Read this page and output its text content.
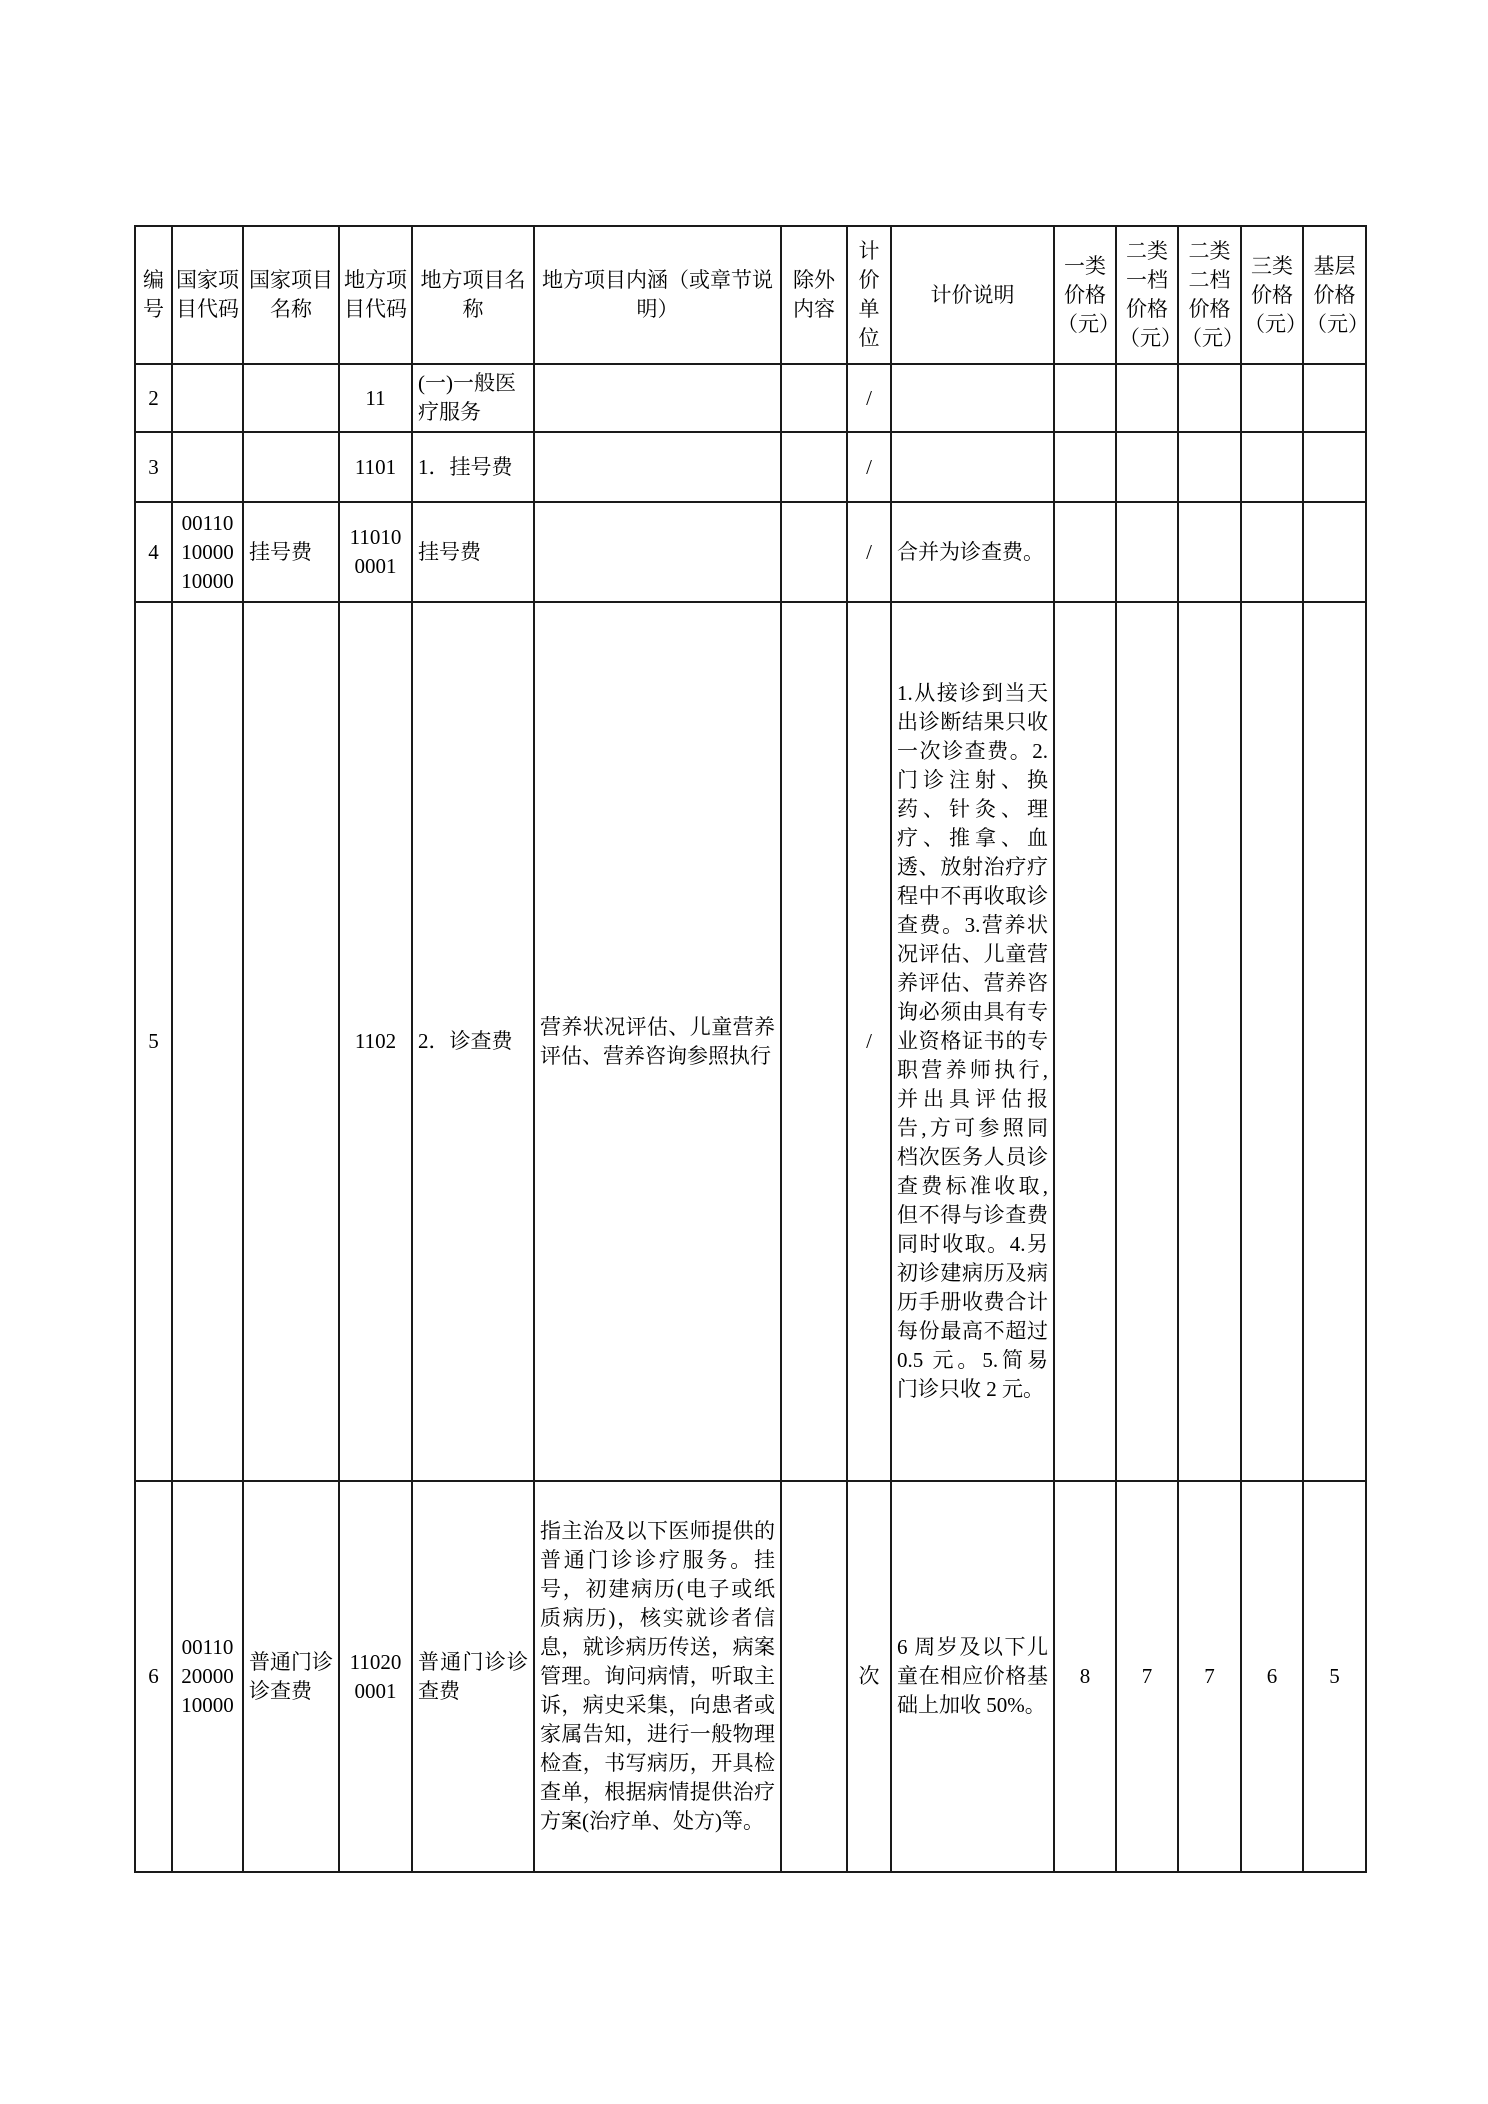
编号	国家项目代码	国家项目名称	地方项目代码	地方项目名称	地方项目内涵（或章节说明）	除外内容	计价单位	计价说明	一类价格（元）	二类一档价格（元）	二类二档价格（元）	三类价格（元）	基层价格（元）
2			11	(一)一般医疗服务			/						
3			1101	1．挂号费			/						
4	00110 10000 10000	挂号费	11010 0001	挂号费			/	合并为诊查费。					
5			1102	2．诊查费	营养状况评估、儿童营养评估、营养咨询参照执行		/	1.从接诊到当天出诊断结果只收一次诊查费。2.门诊注射、换药、针灸、理疗、推拿、血透、放射治疗疗程中不再收取诊查费。3.营养状况评估、儿童营养评估、营养咨询必须由具有专业资格证书的专职营养师执行,并出具评估报告,方可参照同档次医务人员诊查费标准收取,但不得与诊查费同时收取。4.另初诊建病历及病历手册收费合计每份最高不超过 0.5 元。5.简易门诊只收 2 元。					
6	00110 20000 10000	普通门诊诊查费	11020 0001	普通门诊诊查费	指主治及以下医师提供的普通门诊诊疗服务。挂号，初建病历(电子或纸质病历)，核实就诊者信息，就诊病历传送，病案管理。询问病情，听取主诉，病史采集，向患者或家属告知，进行一般物理检查，书写病历，开具检查单，根据病情提供治疗方案(治疗单、处方)等。		次	6 周岁及以下儿童在相应价格基础上加收 50%。	8	7	7	6	5
